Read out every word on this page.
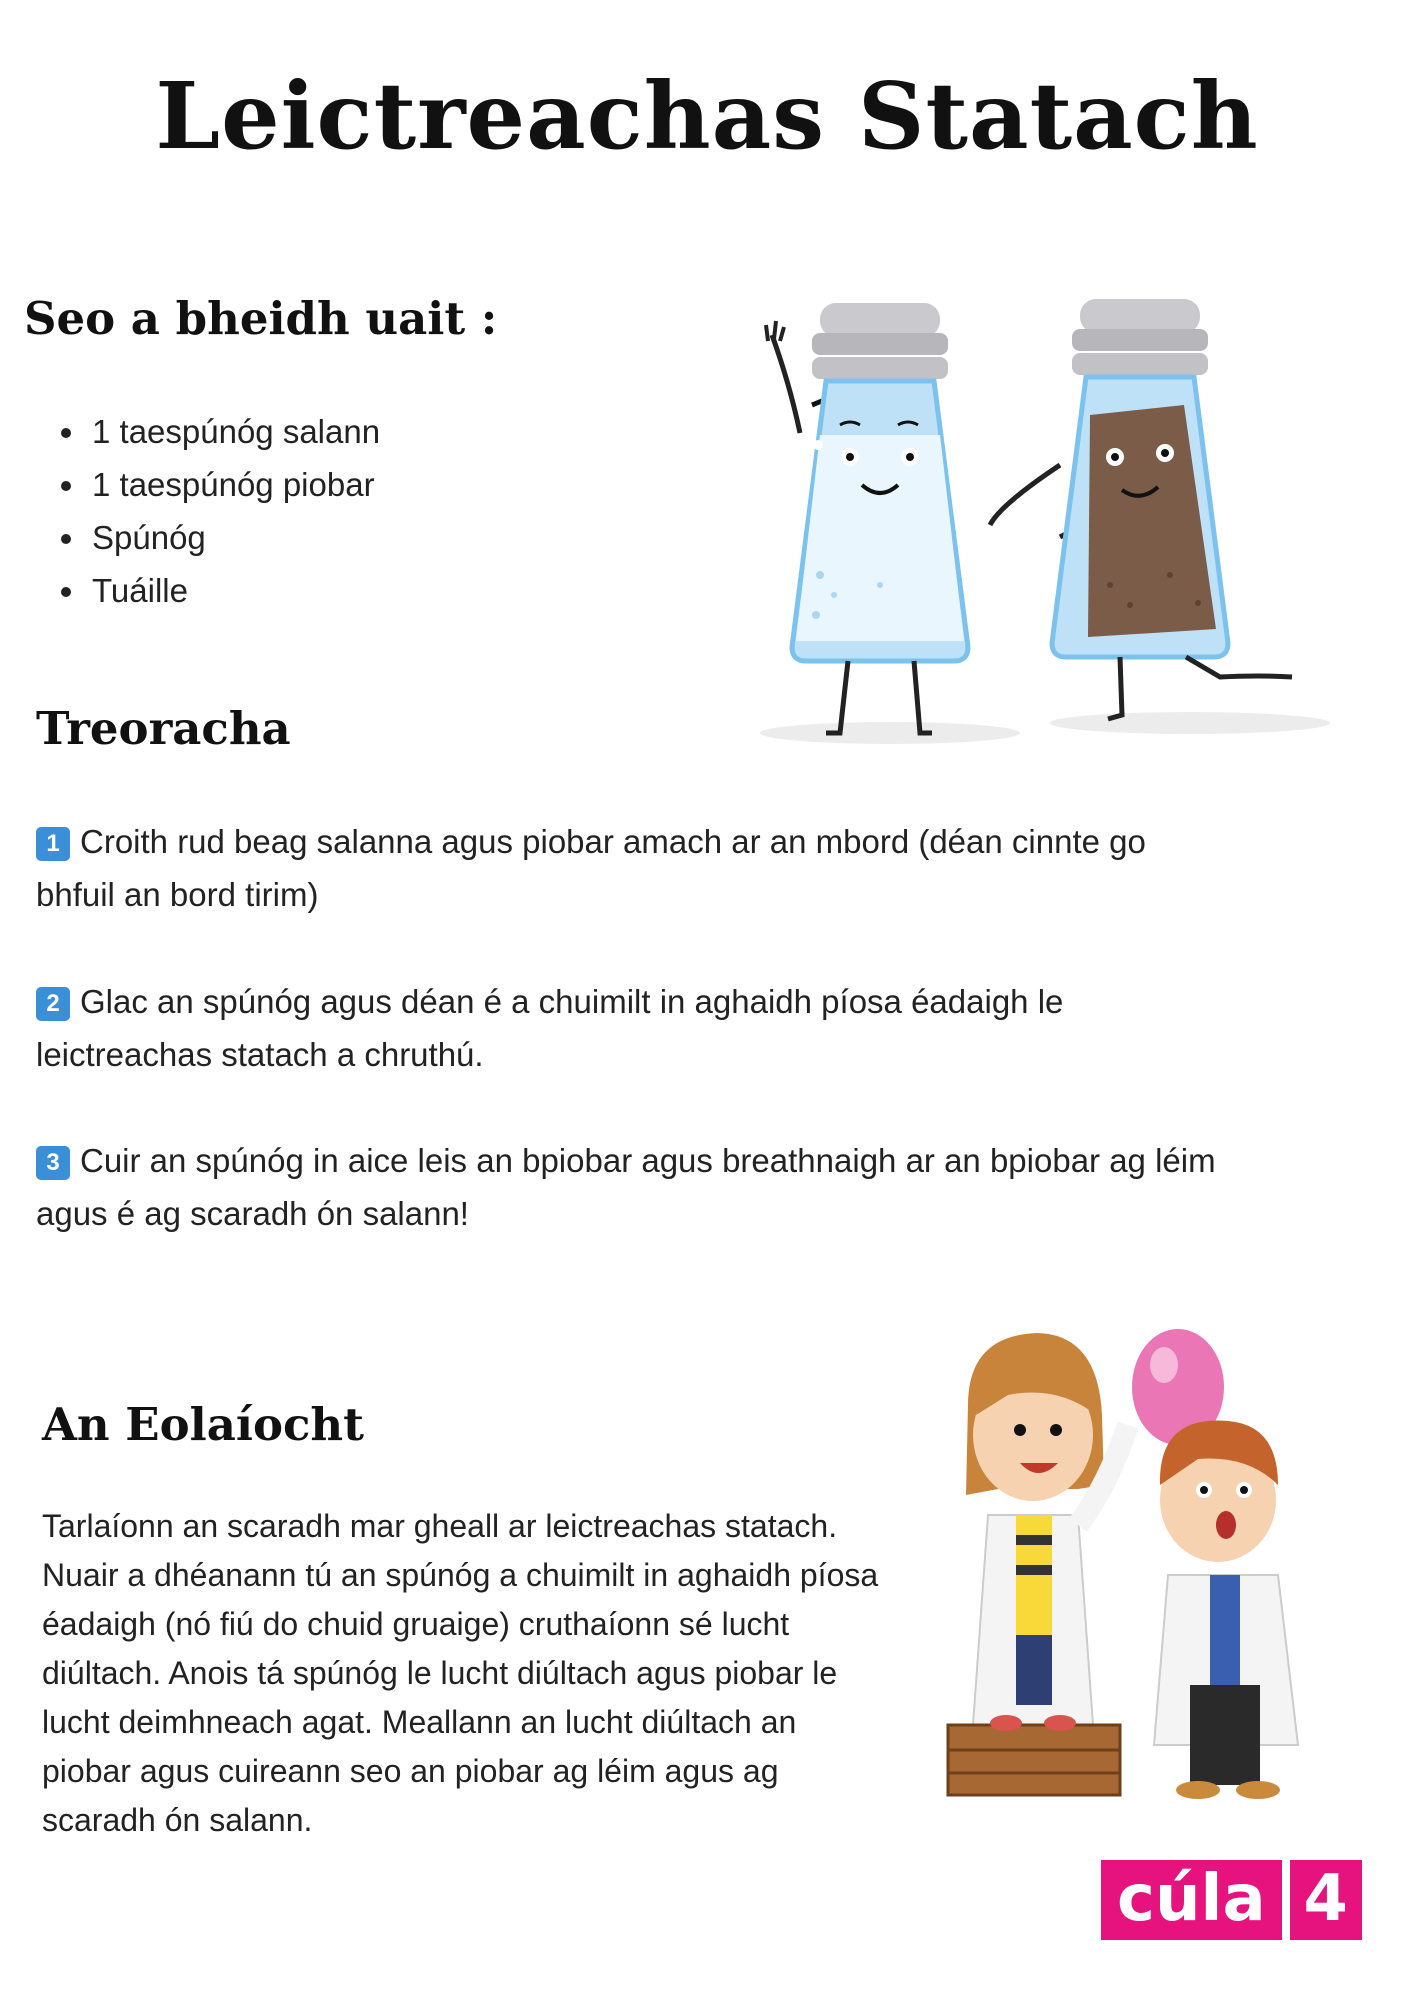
Leictreachas Statach
Seo a bheidh uait :
• 1 taespúnóg salann
• 1 taespúnóg piobar
• Spúnóg
• Tuáille
Treoracha
1 Croith rud beag salanna agus piobar amach ar an mbord (déan cinnte go bhfuil an bord tirim)
2 Glac an spúnóg agus déan é a chuimilt in aghaidh píosa éadaigh le leictreachas statach a chruthú.
3 Cuir an spúnóg in aice leis an bpiobar agus breathnaigh ar an bpiobar ag léim agus é ag scaradh ón salann!
An Eolaíocht
Tarlaíonn an scaradh mar gheall ar leictreachas statach. Nuair a dhéanann tú an spúnóg a chuimilt in aghaidh píosa éadaigh (nó fiú do chuid gruaige) cruthaíonn sé lucht diúltach. Anois tá spúnóg le lucht diúltach agus piobar le lucht deimhneach agat. Meallann an lucht diúltach an piobar agus cuireann seo an piobar ag léim agus ag scaradh ón salann.
cúla 4
